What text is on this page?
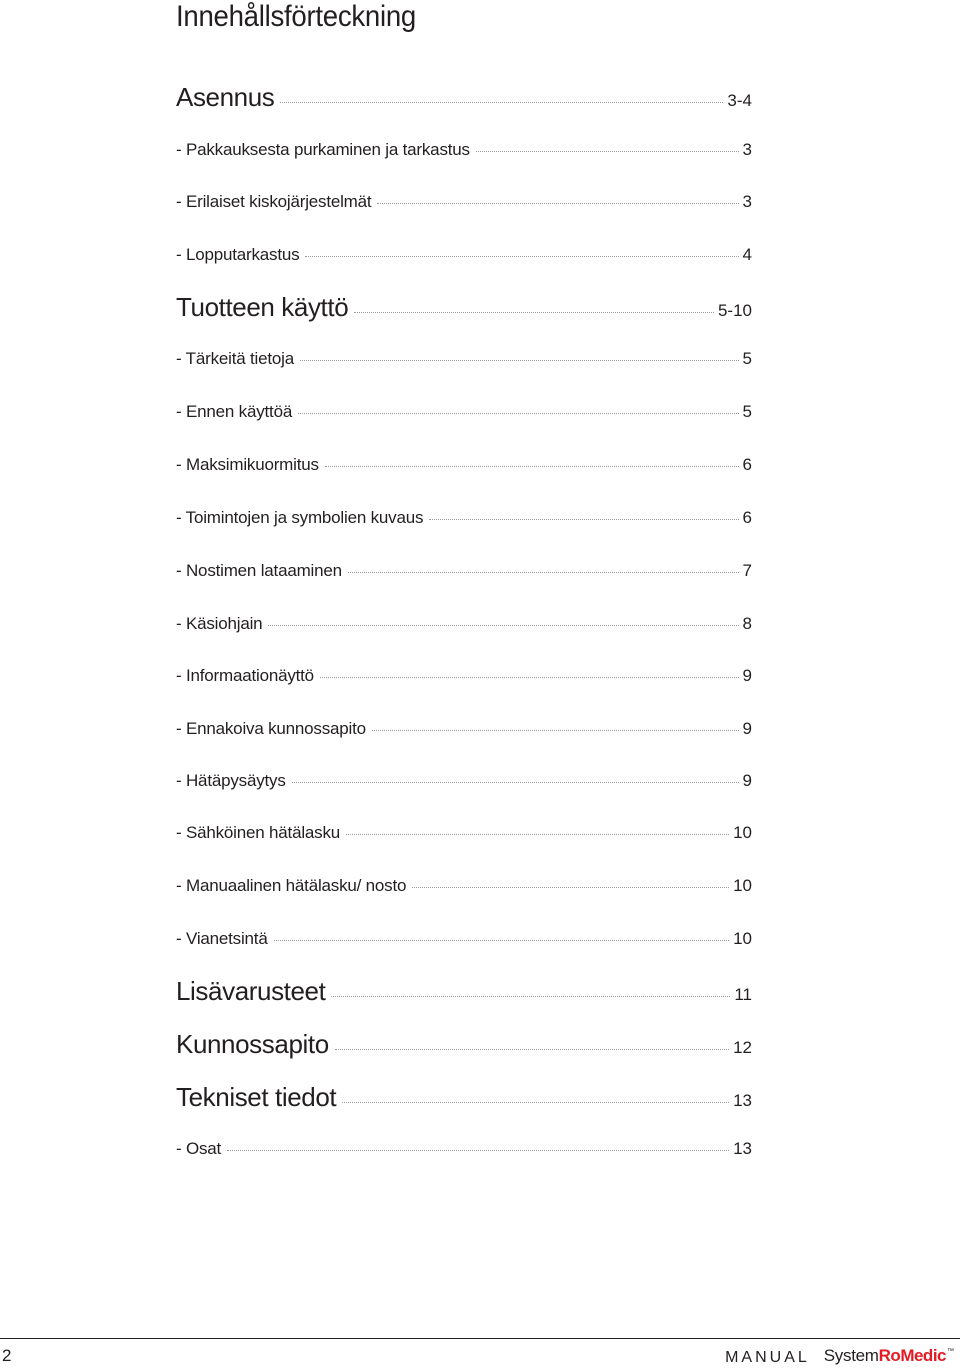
Innehållsförteckning
Asennus	3-4
- Pakkauksesta purkaminen ja tarkastus	3
- Erilaiset kiskojärjestelmät	3
- Lopputarkastus	4
Tuotteen käyttö	5-10
- Tärkeitä tietoja	5
- Ennen käyttöä	5
- Maksimikuormitus	6
- Toimintojen ja symbolien kuvaus	6
- Nostimen lataaminen	7
- Käsiohjain	8
- Informaationäyttö	9
- Ennakoiva kunnossapito	9
- Hätäpysäytys	9
- Sähköinen hätälasku	10
- Manuaalinen hätälasku/ nosto	10
- Vianetsintä	10
Lisävarusteet	11
Kunnossapito	12
Tekniset tiedot	13
- Osat	13
2	MANUAL System RoMedic ™
